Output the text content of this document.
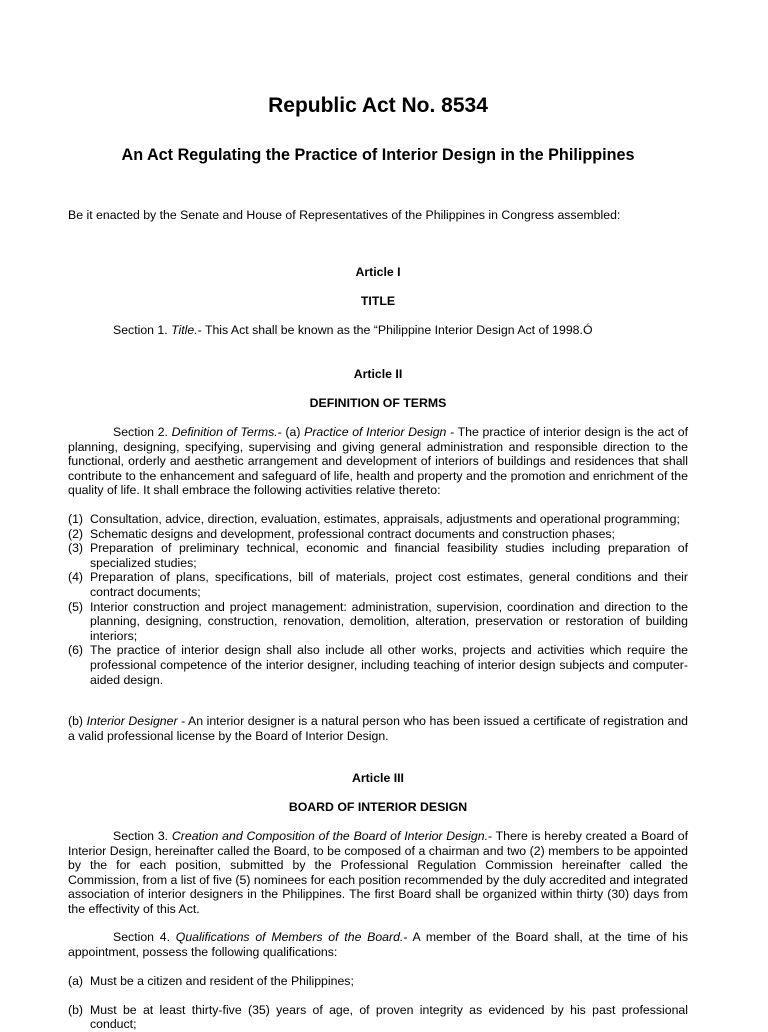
Republic Act No. 8534
An Act Regulating the Practice of Interior Design in the Philippines
Be it enacted by the Senate and House of Representatives of the Philippines in Congress assembled:
Article I
TITLE
Section 1. Title.- This Act shall be known as the “Philippine Interior Design Act of 1998.Ó
Article II
DEFINITION OF TERMS
Section 2. Definition of Terms.- (a) Practice of Interior Design - The practice of interior design is the act of planning, designing, specifying, supervising and giving general administration and responsible direction to the functional, orderly and aesthetic arrangement and development of interiors of buildings and residences that shall contribute to the enhancement and safeguard of life, health and property and the promotion and enrichment of the quality of life. It shall embrace the following activities relative thereto:
(1) Consultation, advice, direction, evaluation, estimates, appraisals, adjustments and operational programming;
(2) Schematic designs and development, professional contract documents and construction phases;
(3) Preparation of preliminary technical, economic and financial feasibility studies including preparation of specialized studies;
(4) Preparation of plans, specifications, bill of materials, project cost estimates, general conditions and their contract documents;
(5) Interior construction and project management: administration, supervision, coordination and direction to the planning, designing, construction, renovation, demolition, alteration, preservation or restoration of building interiors;
(6) The practice of interior design shall also include all other works, projects and activities which require the professional competence of the interior designer, including teaching of interior design subjects and computer- aided design.
(b) Interior Designer - An interior designer is a natural person who has been issued a certificate of registration and a valid professional license by the Board of Interior Design.
Article III
BOARD OF INTERIOR DESIGN
Section 3. Creation and Composition of the Board of Interior Design.- There is hereby created a Board of Interior Design, hereinafter called the Board, to be composed of a chairman and two (2) members to be appointed by the for each position, submitted by the Professional Regulation Commission hereinafter called the Commission, from a list of five (5) nominees for each position recommended by the duly accredited and integrated association of interior designers in the Philippines. The first Board shall be organized within thirty (30) days from the effectivity of this Act.
Section 4. Qualifications of Members of the Board.- A member of the Board shall, at the time of his appointment, possess the following qualifications:
(a) Must be a citizen and resident of the Philippines;
(b) Must be at least thirty-five (35) years of age, of proven integrity as evidenced by his past professional conduct;
